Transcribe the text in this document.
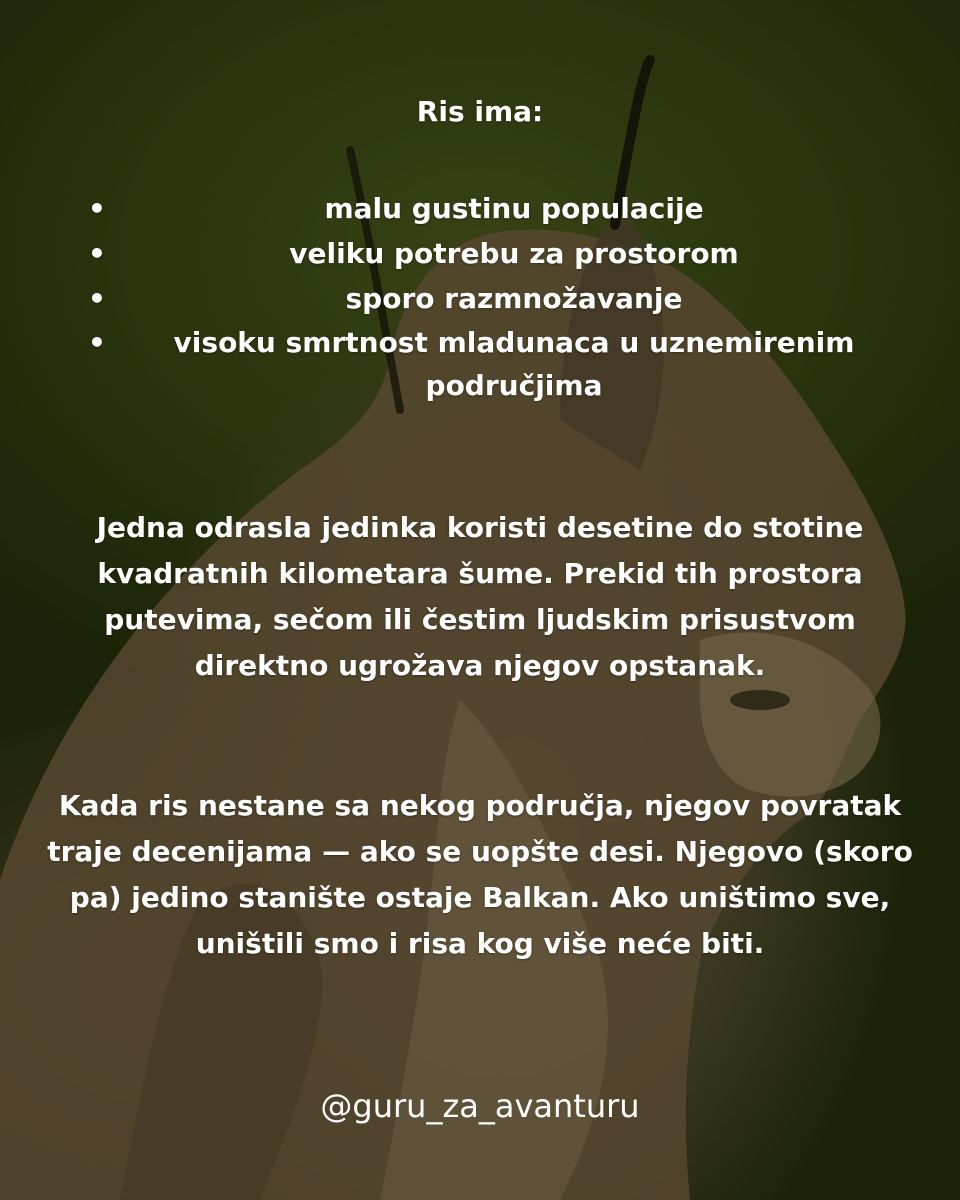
Ris ima:
•	malu gustinu populacije
•	veliku potrebu za prostorom
•	sporo razmnožavanje
• visoku smrtnost mladunaca u uznemirenim područjima
Jedna odrasla jedinka koristi desetine do stotine kvadratnih kilometara šume. Prekid tih prostora putevima, sečom ili čestim ljudskim prisustvom direktno ugrožava njegov opstanak.
Kada ris nestane sa nekog područja, njegov povratak traje decenijama — ako se uopšte desi. Njegovo (skoro pa) jedino stanište ostaje Balkan. Ako uništimo sve, uništili smo i risa kog više neće biti.
@guru_za_avanturu
